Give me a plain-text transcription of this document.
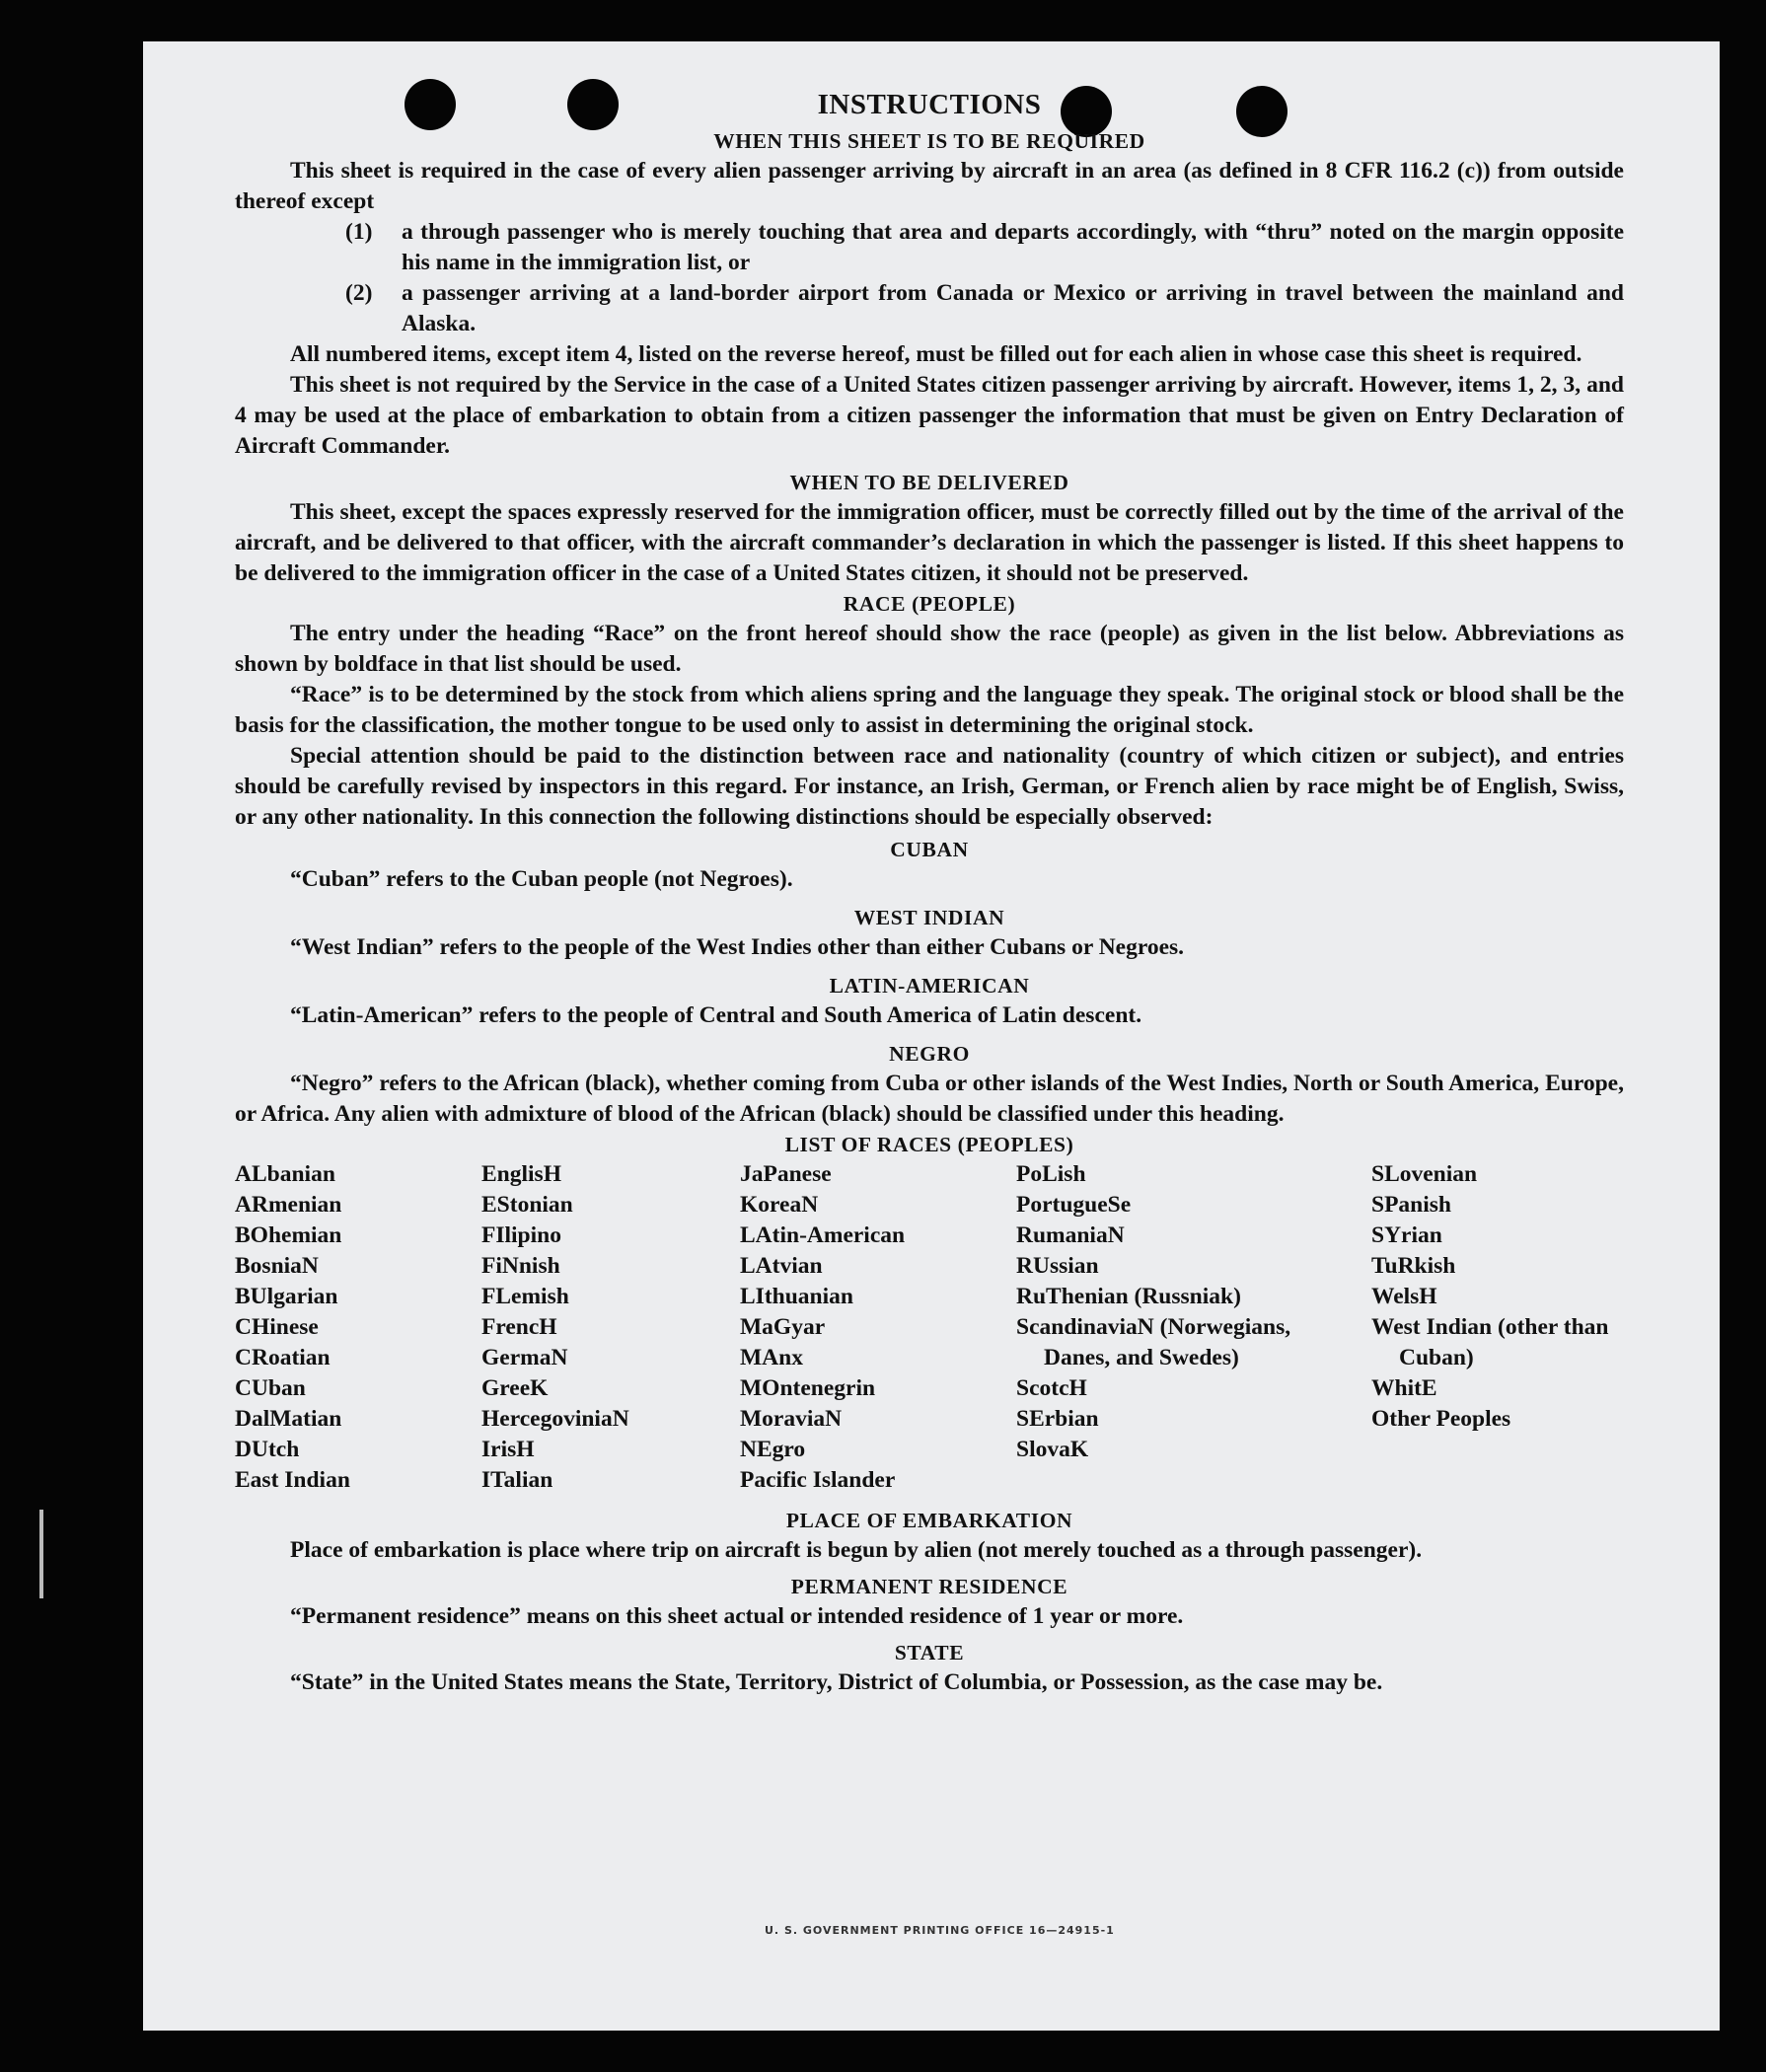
INSTRUCTIONS
WHEN THIS SHEET IS TO BE REQUIRED

This sheet is required in the case of every alien passenger arriving by aircraft in an area (as defined in 8 CFR 116.2 (c)) from outside thereof except

(1)	a through passenger who is merely touching that area and departs accordingly, with “thru” noted on the margin opposite his name in the immigration list, or
(2)	a passenger arriving at a land-border airport from Canada or Mexico or arriving in travel between the mainland and Alaska.

All numbered items, except item 4, listed on the reverse hereof, must be filled out for each alien in whose case this sheet is required.

This sheet is not required by the Service in the case of a United States citizen passenger arriving by aircraft. However, items 1, 2, 3, and 4 may be used at the place of embarkation to obtain from a citizen passenger the information that must be given on Entry Declaration of Aircraft Commander.

WHEN TO BE DELIVERED

This sheet, except the spaces expressly reserved for the immigration officer, must be correctly filled out by the time of the arrival of the aircraft, and be delivered to that officer, with the aircraft commander’s declaration in which the passenger is listed. If this sheet happens to be delivered to the immigration officer in the case of a United States citizen, it should not be preserved.

RACE (PEOPLE)

The entry under the heading “Race” on the front hereof should show the race (people) as given in the list below. Abbreviations as shown by boldface in that list should be used.

“Race” is to be determined by the stock from which aliens spring and the language they speak. The original stock or blood shall be the basis for the classification, the mother tongue to be used only to assist in determining the original stock.

Special attention should be paid to the distinction between race and nationality (country of which citizen or subject), and entries should be carefully revised by inspectors in this regard. For instance, an Irish, German, or French alien by race might be of English, Swiss, or any other nationality. In this connection the following distinctions should be especially observed:

CUBAN

“Cuban” refers to the Cuban people (not Negroes).

WEST INDIAN

“West Indian” refers to the people of the West Indies other than either Cubans or Negroes.

LATIN-AMERICAN

“Latin-American” refers to the people of Central and South America of Latin descent.

NEGRO

“Negro” refers to the African (black), whether coming from Cuba or other islands of the West Indies, North or South America, Europe, or Africa. Any alien with admixture of blood of the African (black) should be classified under this heading.

LIST OF RACES (PEOPLES)
ALbanian
ARmenian
BOhemian
BosniaN
BUlgarian
CHinese
CRoatian
CUban
DalMatian
DUtch
East Indian
EnglisH
EStonian
FIlipino
FiNnish
FLemish
FrencH
GermaN
GreeK
HercegoviniaN
IrisH
ITalian
JaPanese
KoreaN
LAtin-American
LAtvian
LIthuanian
MaGyar
MAnx
MOntenegrin
MoraviaN
NEgro
Pacific Islander
PoLish
PortugueSe
RumaniaN
RUssian
RuThenian (Russniak)
ScandinaviaN (Norwegians, Danes, and Swedes)
ScotcH
SErbian
SlovaK
SLovenian
SPanish
SYrian
TuRkish
WelsH
West Indian (other than Cuban)
WhitE
Other Peoples
PLACE OF EMBARKATION

Place of embarkation is place where trip on aircraft is begun by alien (not merely touched as a through passenger).

PERMANENT RESIDENCE

“Permanent residence” means on this sheet actual or intended residence of 1 year or more.

STATE

“State” in the United States means the State, Territory, District of Columbia, or Possession, as the case may be.

U. S. GOVERNMENT PRINTING OFFICE 16—24915-1
